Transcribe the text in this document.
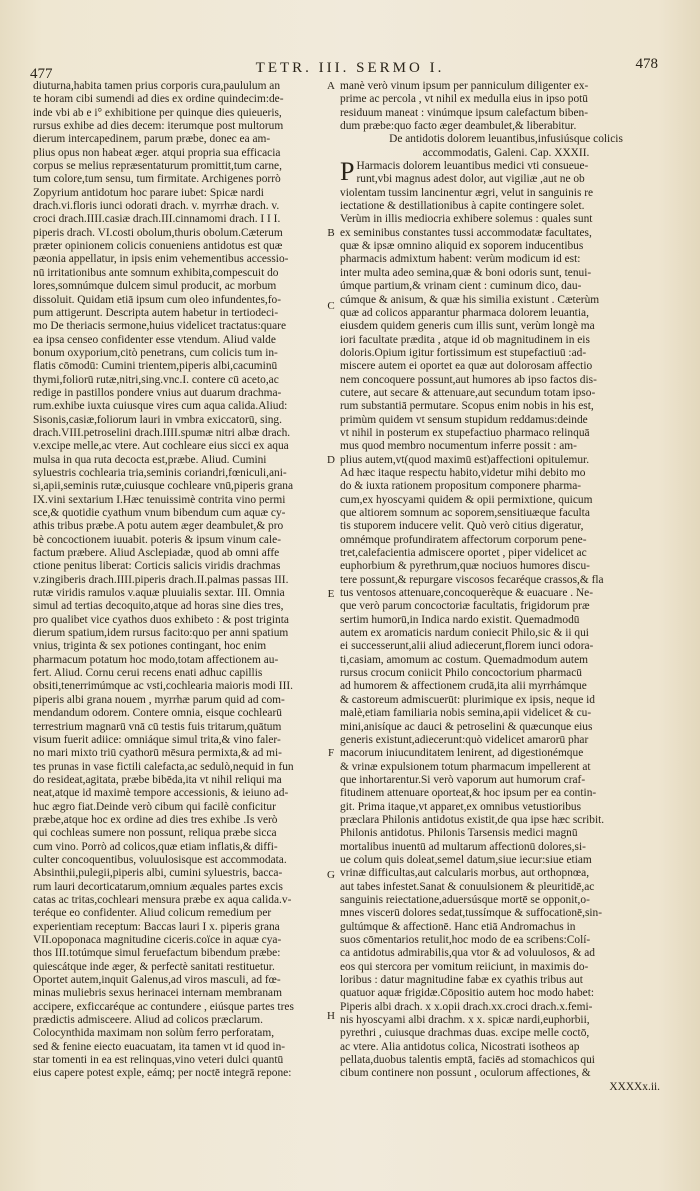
477	TETR. III. SERMO I.	478
diuturna,habita tamen prius corporis cura,paululum an
te horam cibi sumendi ad dies ex ordine quindecim:de-
inde vbi ab e i° exhibitione per quinque dies quieueris,
rursus exhibe ad dies decem: iterumque post multorum
dierum intercapedinem, parum præbe, donec ea am-
plius opus non habeat æger. atqui propria sua efficacia
corpus se melius repræsentaturum promittit,tum carne,
tum colore,tum sensu, tum firmitate. Archigenes porrò
Zopyrium antidotum hoc parare iubet: Spicæ nardi
drach.vi.floris iunci odorati drach. v. myrrhæ drach. v.
croci drach.IIII.casiæ drach.III.cinnamomi drach. I I I.
piperis drach. VI.costi obolum,thuris obolum.Cæterum
præter opinionem colicis conueniens antidotus est quæ
pæonia appellatur, in ipsis enim vehementibus accessio-
nū irritationibus ante somnum exhibita,compescuit do
lores,somnúmque dulcem simul producit, ac morbum
dissoluit. Quidam etiā ipsum cum oleo infundentes,fo-
pum attigerunt. Descripta autem habetur in tertiodeci-
mo De theriacis sermone,huius videlicet tractatus:quare
ea ipsa censeo confidenter esse vtendum. Aliud valde
bonum oxyporium,citò penetrans, cum colicis tum in-
flatis cōmodū: Cumini trientem,piperis albi,cacuminū
thymi,foliorū rutæ,nitri,sing.vnc.I. contere cū aceto,ac
redige in pastillos pondere vnius aut duarum drachma-
rum.exhibe iuxta cuiusque vires cum aqua calida.Aliud:
Sisonis,casiæ,foliorum lauri in vmbra exiccatorū, sing.
drach.VIII.petroselini drach.IIII.spumæ nitri albæ drach.
v.excipe melle,ac vtere. Aut cochleare eius sicci ex aqua
mulsa in qua ruta decocta est,præbe. Aliud. Cumini
syluestris cochlearia tria,seminis coriandri,fœniculi,ani-
si,apii,seminis rutæ,cuiusque cochleare vnū,piperis grana
IX.vini sextarium I.Hæc tenuissimè contrita vino permi
sce,& quotidie cyathum vnum bibendum cum aquæ cy-
athis tribus præbe.A potu autem æger deambulet,& pro
bè concoctionem iuuabit. poteris & ipsum vinum cale-
factum præbere. Aliud Asclepiadæ, quod ab omni affe
ctione penitus liberat: Corticis salicis viridis drachmas
v.zingiberis drach.IIII.piperis drach.II.palmas passas III.
rutæ viridis ramulos v.aquæ pluuialis sextar. III. Omnia
simul ad tertias decoquito,atque ad horas sine dies tres,
pro qualibet vice cyathos duos exhibeto : & post triginta
dierum spatium,idem rursus facito:quo per anni spatium
vnius, triginta & sex potiones contingant, hoc enim
pharmacum potatum hoc modo,totam affectionem au-
fert. Aliud. Cornu cerui recens enati adhuc capillis
obsiti,tenerrimúmque ac vsti,cochlearia maioris modi III.
piperis albi grana nouem , myrrhæ parum quid ad com-
mendandum odorem. Contere omnia, eisque cochlearū
terrestrium magnarū vnā cū testis fuis tritarum,quātum
visum fuerit adiice: omniáque simul trita,& vino faler-
no mari mixto triū cyathorū mēsura permixta,& ad mi-
tes prunas in vase fictili calefacta,ac sedulò,nequid in fun
do resideat,agitata, præbe bibēda,ita vt nihil reliqui ma
neat,atque id maximè tempore accessionis, & ieiuno ad-
huc ægro fiat.Deinde verò cibum qui facilè conficitur
præbe,atque hoc ex ordine ad dies tres exhibe .Is verò
qui cochleas sumere non possunt, reliqua præbe sicca
cum vino. Porrò ad colicos,quæ etiam inflatis,& diffi-
culter concoquentibus, voluulosisque est accommodata.
Absinthii,pulegii,piperis albi, cumini syluestris, bacca-
rum lauri decorticatarum,omnium æquales partes excis
catas ac tritas,cochleari mensura præbe ex aqua calida.v-
teréque eo confidenter. Aliud colicum remedium per
experientiam receptum: Baccas lauri I x. piperis grana
VII.opoponaca magnitudine ciceris.coïce in aquæ cya-
thos III.totúmque simul feruefactum bibendum præbe:
quiescátque inde æger, & perfectè sanitati restituetur.
Oportet autem,inquit Galenus,ad viros masculi, ad fœ-
minas muliebris sexus herinacei internam membranam
accipere, exficcaréque ac contundere , eiúsque partes tres
prædictis admisceere. Aliud ad colicos præclarum.
Colocynthida maximam non solùm ferro perforatam,
sed & fenine eiecto euacuatam, ita tamen vt id quod in-
star tomenti in ea est relinquas,vino veteri dulci quantū
eius capere potest exple, eámq; per noctē integrā repone:
manè verò vinum ipsum per panniculum diligenter ex-
prime ac percola , vt nihil ex medulla eius in ipso potū
residuum maneat : vinúmque ipsum calefactum biben-
dum præbe:quo facto æger deambulet,& liberabitur.
De antidotis dolorem leuantibus,infusiúsque colicis
accommodatis, Galeni. Cap. XXXII.
P Harmacis dolorem leuantibus medici vti consueue-
runt,vbi magnus adest dolor, aut vigiliæ ,aut ne ob
violentam tussim lancinentur ægri, velut in sanguinis re
iectatione & destillationibus à capite contingere solet.
Verùm in illis mediocria exhibere solemus : quales sunt
ex seminibus constantes tussi accommodatæ facultates,
quæ & ipsæ omnino aliquid ex soporem inducentibus
pharmacis admixtum habent: verùm modicum id est:
inter multa adeo semina,quæ & boni odoris sunt, tenui-
úmque partium,& vrinam cient : cuminum dico, dau-
cúmque & anisum, & quæ his similia existunt . Cæterùm
quæ ad colicos apparantur pharmaca dolorem leuantia,
eiusdem quidem generis cum illis sunt, verùm longè ma
iori facultate prædita , atque id ob magnitudinem in eis
doloris.Opium igitur fortissimum est stupefactiuū :ad-
miscere autem ei oportet ea quæ aut dolorosam affectio
nem concoquere possunt,aut humores ab ipso factos dis-
cutere, aut secare & attenuare,aut secundum totam ipso-
rum substantiā permutare. Scopus enim nobis in his est,
primùm quidem vt sensum stupidum reddamus:deinde
vt nihil in posterum ex stupefactiuo pharmaco relinquā
mus quod membro nocumentum inferre possit : am-
plius autem,vt(quod maximū est)affectioni opitulemur.
Ad hæc itaque respectu habito,videtur mihi debito mo
do & iuxta rationem propositum componere pharma-
cum,ex hyoscyami quidem & opii permixtione, quicum
que altiorem somnum ac soporem,sensitiuæque faculta
tis stuporem inducere velit. Quò verò citius digeratur,
omnémque profundiratem affectorum corporum pene-
tret,calefacientia admiscere oportet , piper videlicet ac
euphorbium & pyrethrum,quæ nociuos humores discu-
tere possunt,& repurgare viscosos fecaréque crassos,& fla
tus ventosos attenuare,concoquerèque & euacuare . Ne-
que verò parum concoctoriæ facultatis, frigidorum præ
sertim humorū,in Indica nardo existit. Quemadmodū
autem ex aromaticis nardum coniecit Philo,sic & ii qui
ei successerunt,alii aliud adiecerunt,florem iunci odora-
ti,casiam, amomum ac costum. Quemadmodum autem
rursus crocum coniicit Philo concoctorium pharmacū
ad humorem & affectionem crudā,ita alii myrrhámque
& castoreum admiscuerūt: plurimique ex ipsis, neque id
malè,etiam familiaria nobis semina,apii videlicet & cu-
mini,anisíque ac dauci & petroselini & quæcunque eius
generis existunt,adiecerunt:quò videlicet amarorū phar
macorum iniucunditatem lenirent, ad digestionémque
& vrinæ expulsionem totum pharmacum impellerent at
que inhortarentur.Si verò vaporum aut humorum craf-
fitudinem attenuare oporteat,& hoc ipsum per ea contin-
git. Prima itaque,vt apparet,ex omnibus vetustioribus
præclara Philonis antidotus existit,de qua ipse hæc scribit.
Philonis antidotus. Philonis Tarsensis medici magnū
mortalibus inuentū ad multarum affectionū dolores,si-
ue colum quis doleat,semel datum,siue iecur:siue etiam
vrinæ difficultas,aut calcularis morbus, aut orthopnœa,
aut tabes infestet.Sanat & conuulsionem & pleuritidē,ac
sanguinis reiectatione,aduersúsque mortē se opponit,o-
mnes viscerū dolores sedat,tussímque & suffocationē,sin-
gultúmque & affectionē. Hanc etiā Andromachus in
suos cōmentarios retulit,hoc modo de ea scribens:Colí-
ca antidotus admirabilis,qua vtor & ad voluulosos, & ad
eos qui stercora per vomitum reiiciunt, in maximis do-
loribus : datur magnitudine fabæ ex cyathis tribus aut
quatuor aquæ frigidæ.Cōpositio autem hoc modo habet:
Piperis albi drach. x x.opii drach.xx.croci drach.x.femi-
nis hyoscyami albi drachm. x x. spicæ nardi,euphorbii,
pyrethri , cuiusque drachmas duas. excipe melle coctō,
ac vtere. Alia antidotus colica, Nicostrati isotheos ap
pellata,duobus talentis emptā, faciēs ad stomachicos qui
cibum continere non possunt , oculorum affectiones, &
XXXXx.ii.
A
B
C
D
E
F
G
H
